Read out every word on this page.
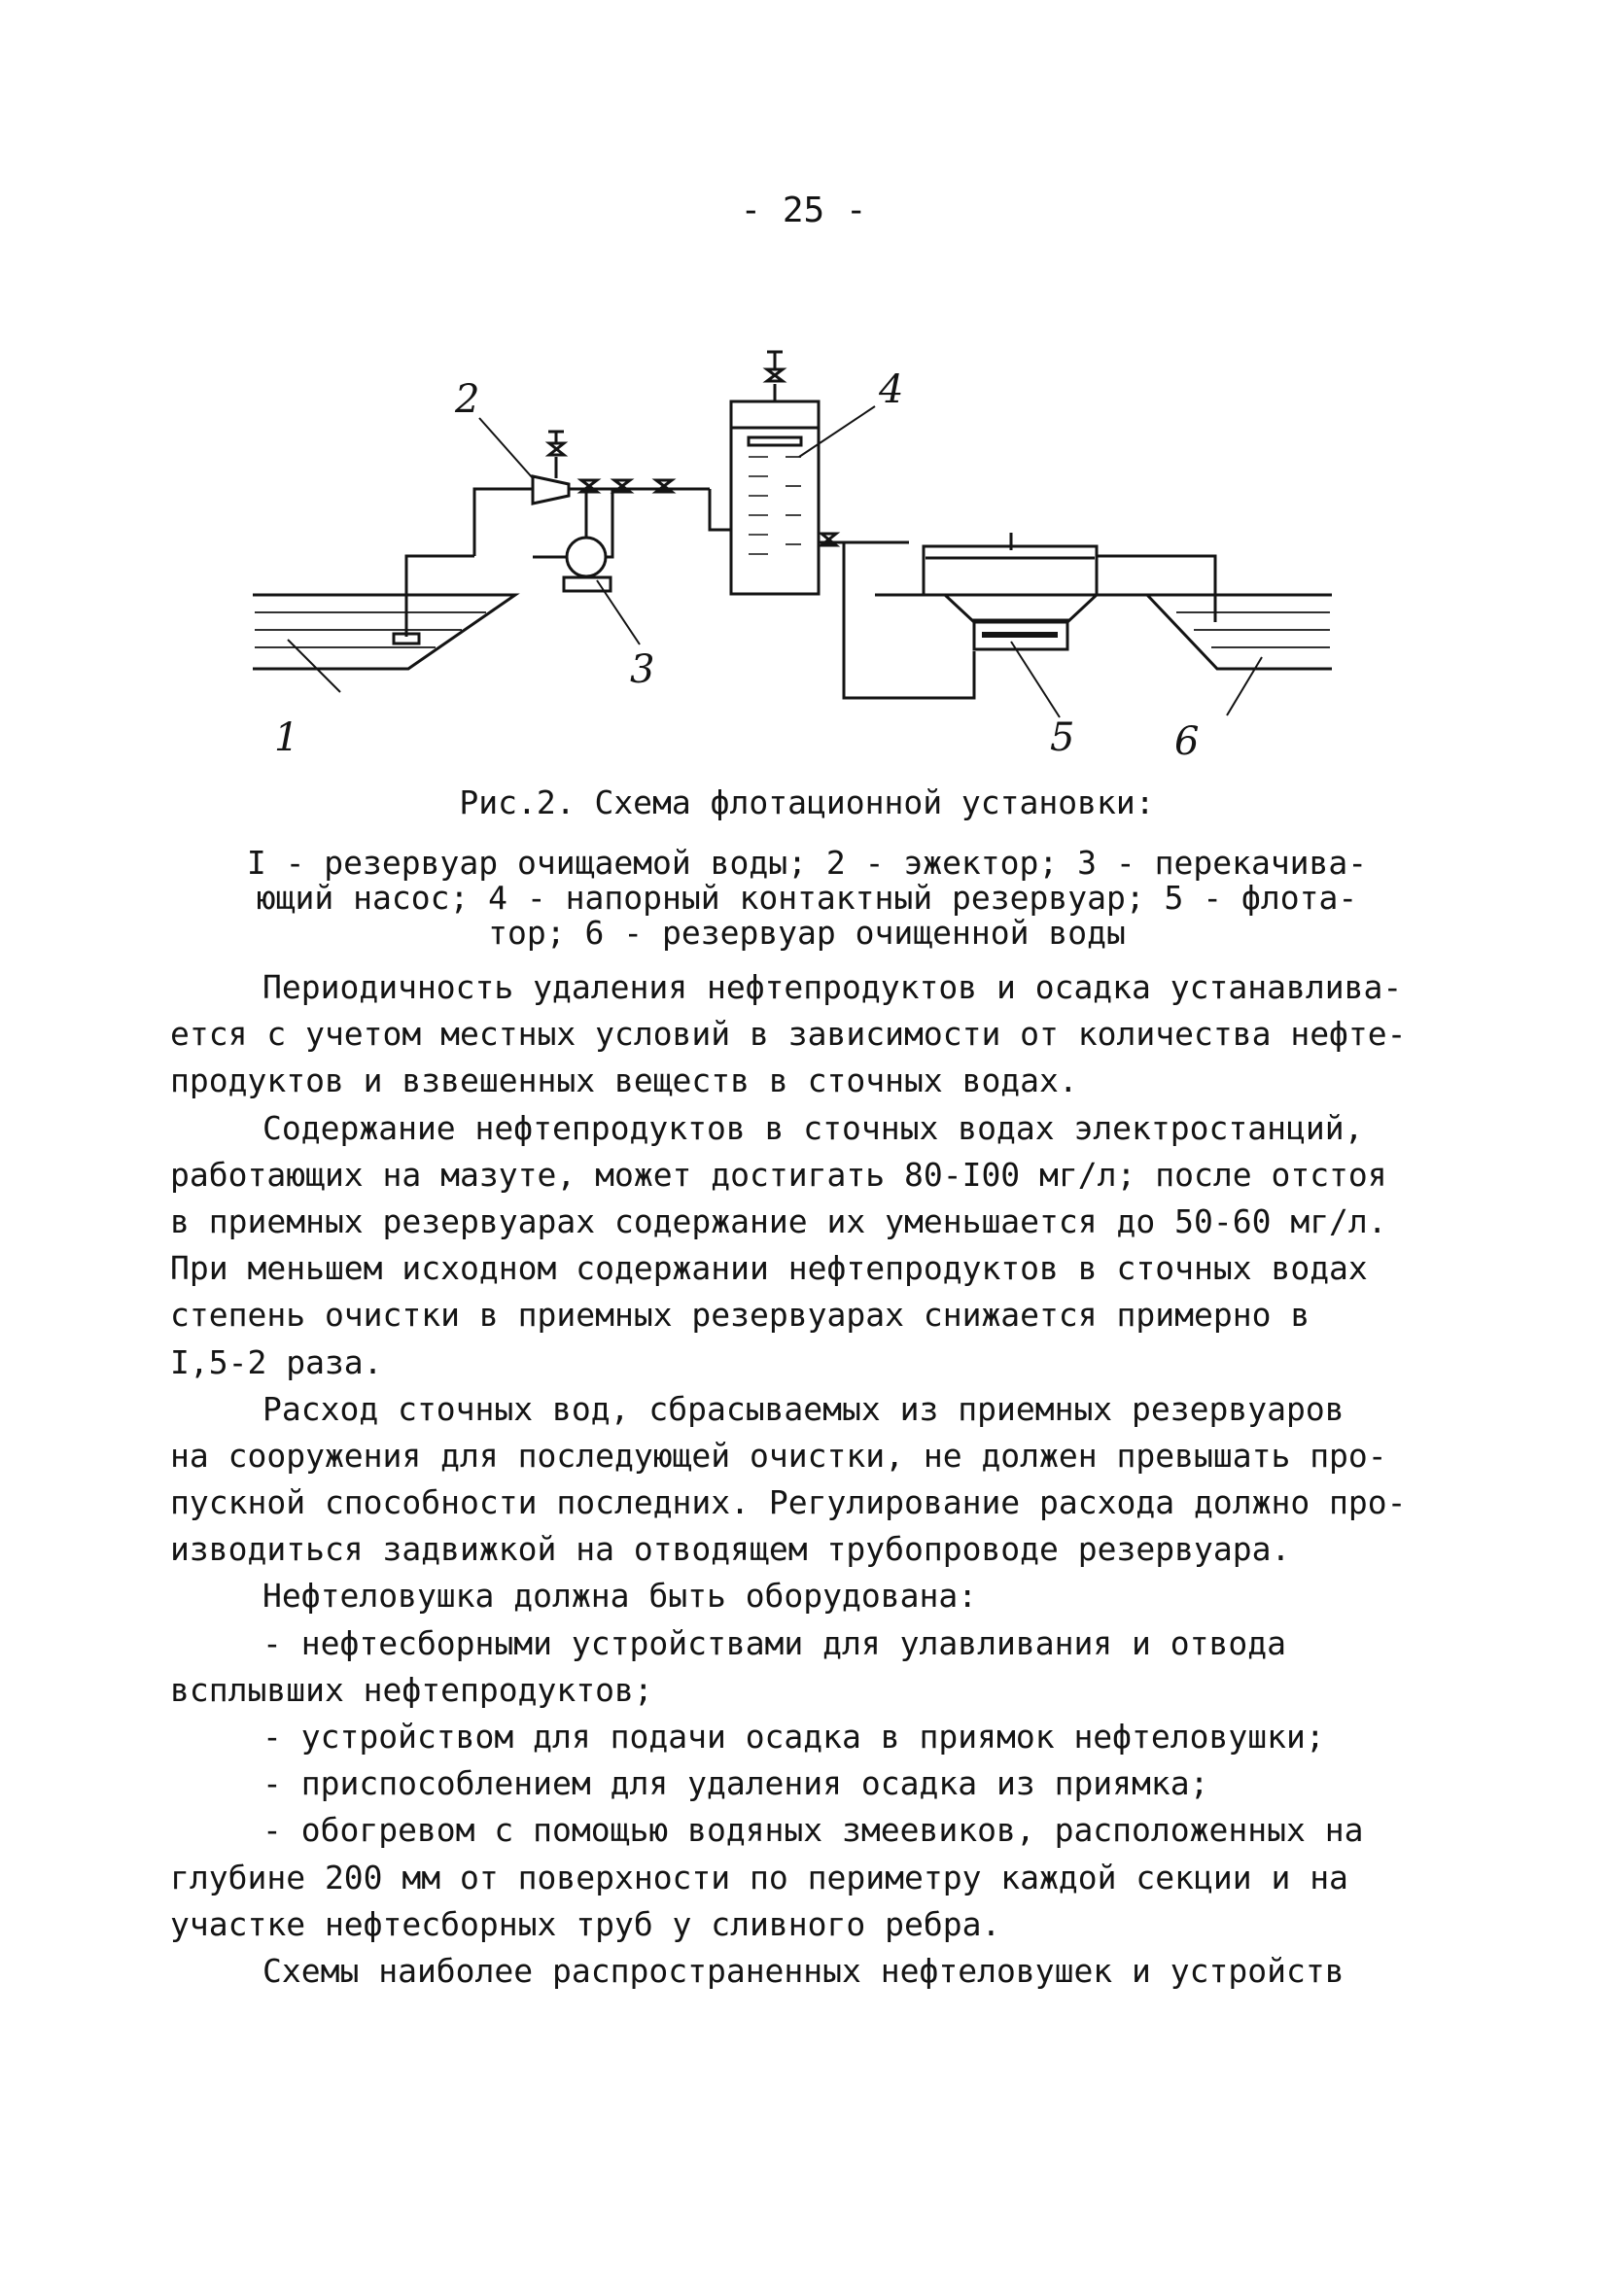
- 25 -
2	4
3
1	5	6
Рис.2. Схема флотационной установки:
I - резервуар очищаемой воды; 2 - эжектор; 3 - перекачива-
ющий насос; 4 - напорный контактный резервуар; 5 - флота-
тор; 6 - резервуар очищенной воды
Периодичность удаления нефтепродуктов и осадка устанавлива-
ется с учетом местных условий в зависимости от количества нефте-
продуктов и взвешенных веществ в сточных водах.
Содержание нефтепродуктов в сточных водах электростанций,
работающих на мазуте, может достигать 80-I00 мг/л; после отстоя
в приемных резервуарах содержание их уменьшается до 50-60 мг/л.
При меньшем исходном содержании нефтепродуктов в сточных водах
степень очистки в приемных резервуарах снижается примерно в
I,5-2 раза.
Расход сточных вод, сбрасываемых из приемных резервуаров
на сооружения для последующей очистки, не должен превышать про-
пускной способности последних. Регулирование расхода должно про-
изводиться задвижкой на отводящем трубопроводе резервуара.
Нефтеловушка должна быть оборудована:
- нефтесборными устройствами для улавливания и отвода
всплывших нефтепродуктов;
- устройством для подачи осадка в приямок нефтеловушки;
- приспособлением для удаления осадка из приямка;
- обогревом с помощью водяных змеевиков, расположенных на
глубине 200 мм от поверхности по периметру каждой секции и на
участке нефтесборных труб у сливного ребра.
Схемы наиболее распространенных нефтеловушек и устройств
